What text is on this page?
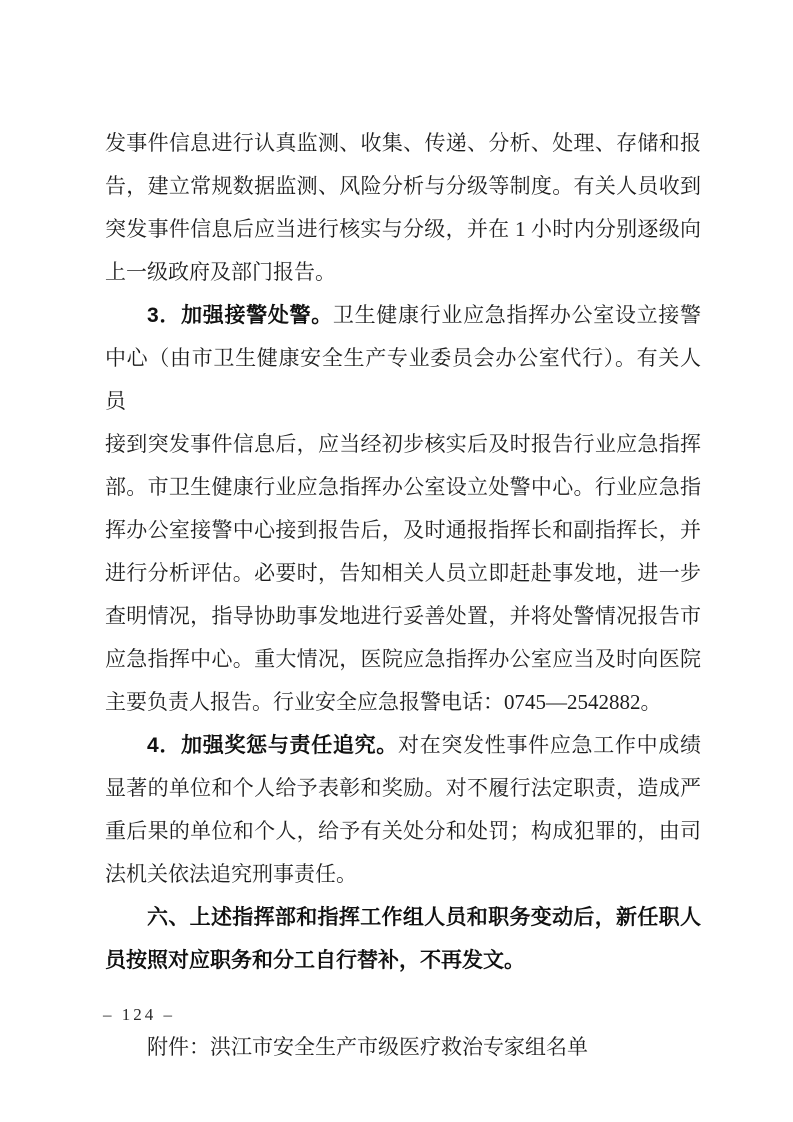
发事件信息进行认真监测、收集、传递、分析、处理、存储和报
告，建立常规数据监测、风险分析与分级等制度。有关人员收到
突发事件信息后应当进行核实与分级，并在 1 小时内分别逐级向
上一级政府及部门报告。
3．加强接警处警。卫生健康行业应急指挥办公室设立接警
中心（由市卫生健康安全生产专业委员会办公室代行）。有关人员
接到突发事件信息后，应当经初步核实后及时报告行业应急指挥
部。市卫生健康行业应急指挥办公室设立处警中心。行业应急指
挥办公室接警中心接到报告后，及时通报指挥长和副指挥长，并
进行分析评估。必要时，告知相关人员立即赶赴事发地，进一步
查明情况，指导协助事发地进行妥善处置，并将处警情况报告市
应急指挥中心。重大情况，医院应急指挥办公室应当及时向医院
主要负责人报告。行业安全应急报警电话：0745—2542882。
4．加强奖惩与责任追究。对在突发性事件应急工作中成绩
显著的单位和个人给予表彰和奖励。对不履行法定职责，造成严
重后果的单位和个人，给予有关处分和处罚；构成犯罪的，由司
法机关依法追究刑事责任。
六、上述指挥部和指挥工作组人员和职务变动后，新任职人
员按照对应职务和分工自行替补，不再发文。
附件：洪江市安全生产市级医疗救治专家组名单
– 124 –
